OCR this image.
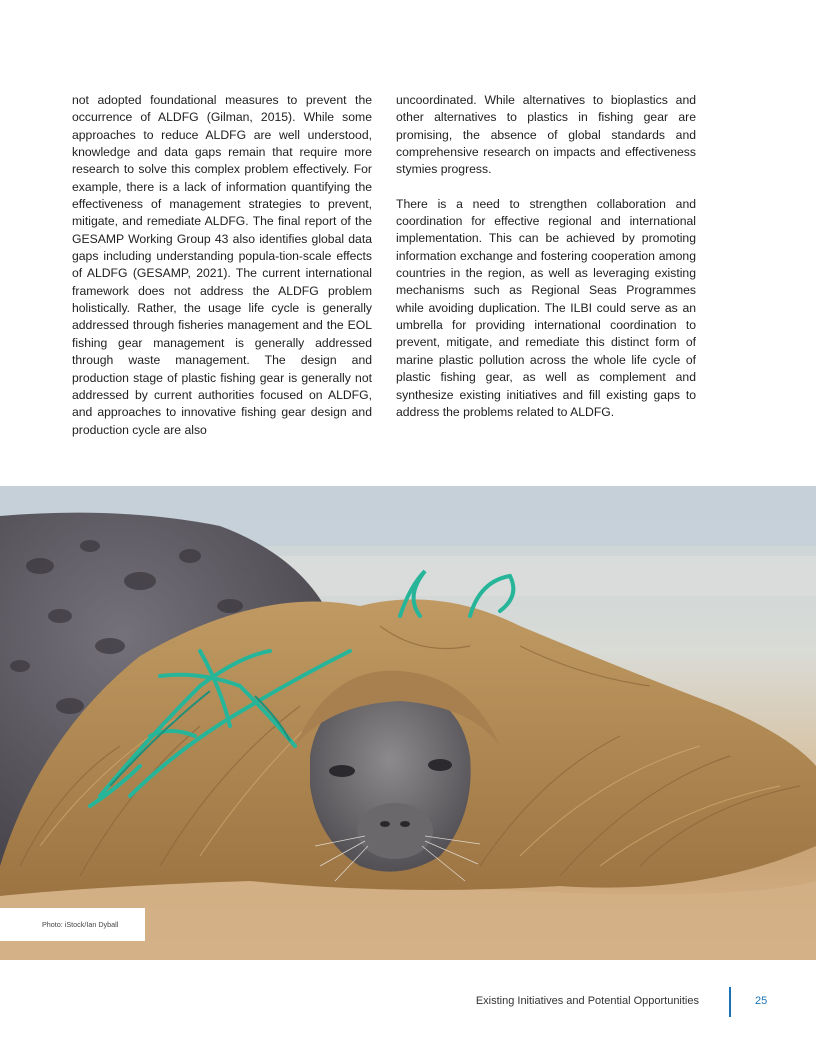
not adopted foundational measures to prevent the occurrence of ALDFG (Gilman, 2015). While some approaches to reduce ALDFG are well understood, knowledge and data gaps remain that require more research to solve this complex problem effectively. For example, there is a lack of information quantifying the effectiveness of management strategies to prevent, mitigate, and remediate ALDFG. The final report of the GESAMP Working Group 43 also identifies global data gaps including understanding popula-tion-scale effects of ALDFG (GESAMP, 2021). The current international framework does not address the ALDFG problem holistically. Rather, the usage life cycle is generally addressed through fisheries management and the EOL fishing gear management is generally addressed through waste management. The design and production stage of plastic fishing gear is generally not addressed by current authorities focused on ALDFG, and approaches to innovative fishing gear design and production cycle are also

uncoordinated. While alternatives to bioplastics and other alternatives to plastics in fishing gear are promising, the absence of global standards and comprehensive research on impacts and effectiveness stymies progress.

There is a need to strengthen collaboration and coordination for effective regional and international implementation. This can be achieved by promoting information exchange and fostering cooperation among countries in the region, as well as leveraging existing mechanisms such as Regional Seas Programmes while avoiding duplication. The ILBI could serve as an umbrella for providing international coordination to prevent, mitigate, and remediate this distinct form of marine plastic pollution across the whole life cycle of plastic fishing gear, as well as complement and synthesize existing initiatives and fill existing gaps to address the problems related to ALDFG.

Photo: iStock/Ian Dyball
Existing Initiatives and Potential Opportunities	25
